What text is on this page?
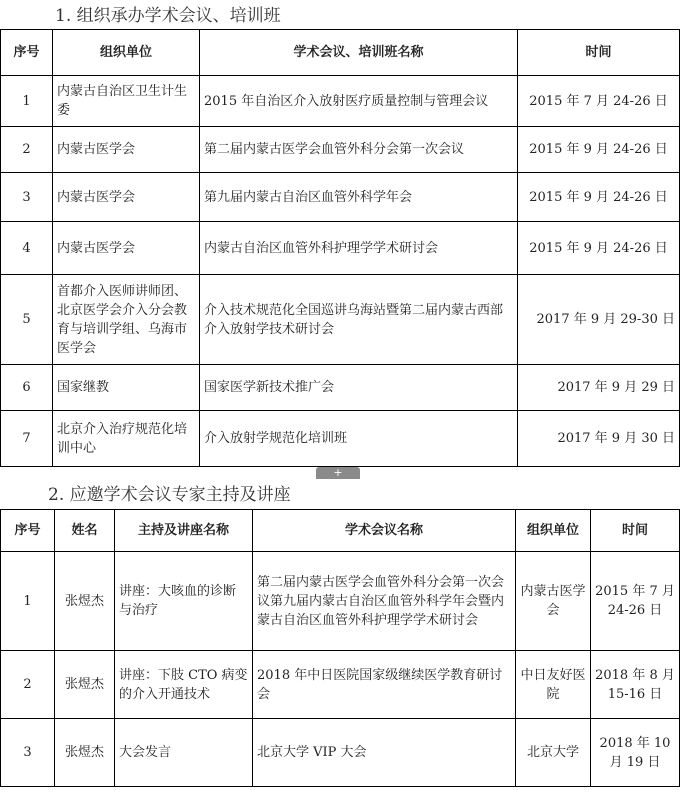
1. 组织承办学术会议、培训班
序号	组织单位	学术会议、培训班名称	时间
1	内蒙古自治区卫生计生委	2015 年自治区介入放射医疗质量控制与管理会议	2015 年 7 月 24-26 日
2	内蒙古医学会	第二届内蒙古医学会血管外科分会第一次会议	2015 年 9 月 24-26 日
3	内蒙古医学会	第九届内蒙古自治区血管外科学年会	2015 年 9 月 24-26 日
4	内蒙古医学会	内蒙古自治区血管外科护理学学术研讨会	2015 年 9 月 24-26 日
5	首都介入医师讲师团、北京医学会介入分会教育与培训学组、乌海市医学会	介入技术规范化全国巡讲乌海站暨第二届内蒙古西部介入放射学技术研讨会	2017 年 9 月 29-30 日
6	国家继教	国家医学新技术推广会	2017 年 9 月 29 日
7	北京介入治疗规范化培训中心	介入放射学规范化培训班	2017 年 9 月 30 日
+
2. 应邀学术会议专家主持及讲座
序号	姓名	主持及讲座名称	学术会议名称	组织单位	时间
1	张煜杰	讲座：大咳血的诊断与治疗	第二届内蒙古医学会血管外科分会第一次会议第九届内蒙古自治区血管外科学年会暨内蒙古自治区血管外科护理学学术研讨会	内蒙古医学会	2015 年 7 月 24-26 日
2	张煜杰	讲座：下肢 CTO 病变的介入开通技术	2018 年中日医院国家级继续医学教育研讨会	中日友好医院	2018 年 8 月 15-16 日
3	张煜杰	大会发言	北京大学 VIP 大会	北京大学	2018 年 10 月 19 日
